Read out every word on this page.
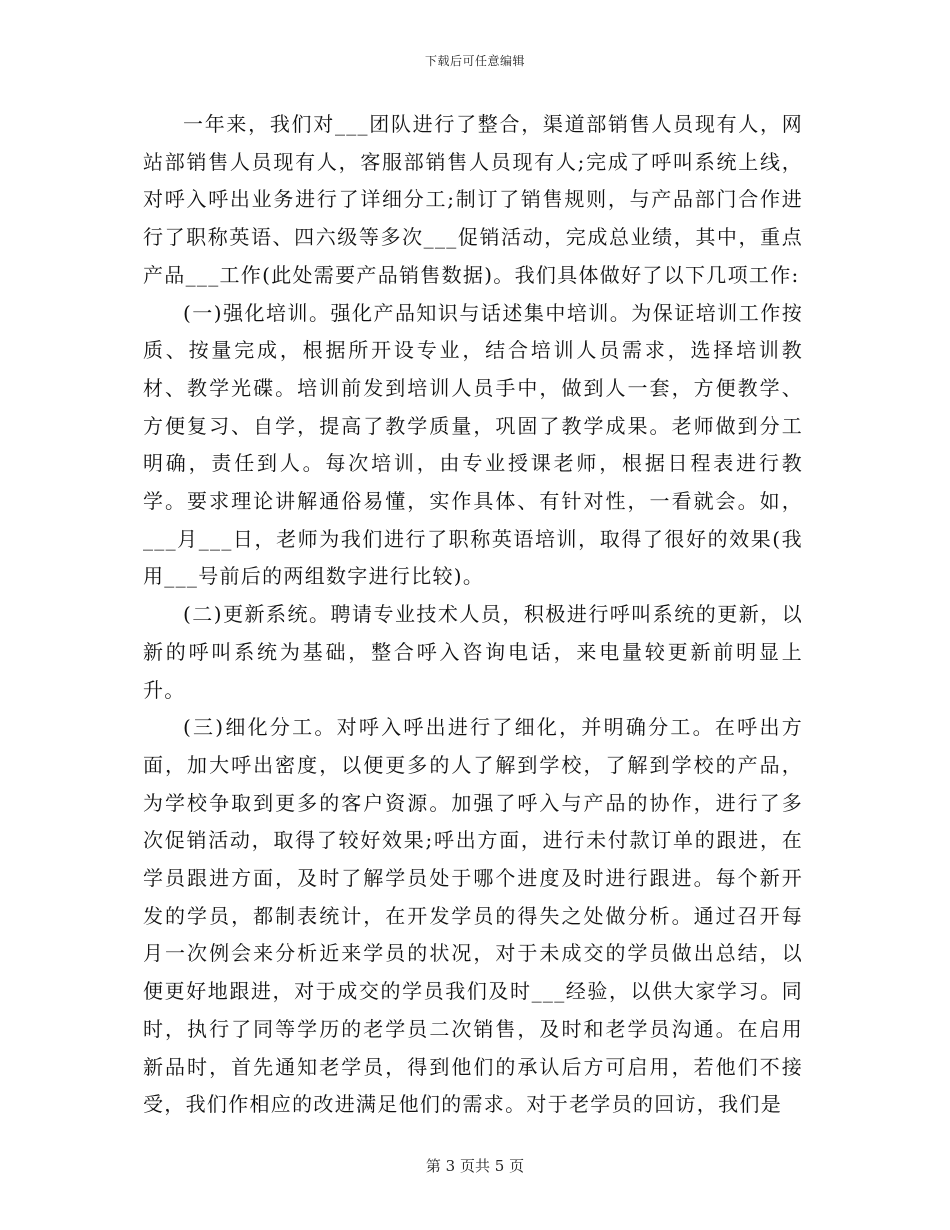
下载后可任意编辑

一年来，我们对___团队进行了整合，渠道部销售人员现有人，网站部销售人员现有人，客服部销售人员现有人;完成了呼叫系统上线，对呼入呼出业务进行了详细分工;制订了销售规则，与产品部门合作进行了职称英语、四六级等多次___促销活动，完成总业绩，其中，重点产品___工作(此处需要产品销售数据)。我们具体做好了以下几项工作:

(一)强化培训。强化产品知识与话述集中培训。为保证培训工作按质、按量完成，根据所开设专业，结合培训人员需求，选择培训教材、教学光碟。培训前发到培训人员手中，做到人一套，方便教学、方便复习、自学，提高了教学质量，巩固了教学成果。老师做到分工明确，责任到人。每次培训，由专业授课老师，根据日程表进行教学。要求理论讲解通俗易懂，实作具体、有针对性，一看就会。如，___月___日，老师为我们进行了职称英语培训，取得了很好的效果(我用___号前后的两组数字进行比较)。

(二)更新系统。聘请专业技术人员，积极进行呼叫系统的更新，以新的呼叫系统为基础，整合呼入咨询电话，来电量较更新前明显上升。

(三)细化分工。对呼入呼出进行了细化，并明确分工。在呼出方面，加大呼出密度，以便更多的人了解到学校，了解到学校的产品，为学校争取到更多的客户资源。加强了呼入与产品的协作，进行了多次促销活动，取得了较好效果;呼出方面，进行未付款订单的跟进，在学员跟进方面，及时了解学员处于哪个进度及时进行跟进。每个新开发的学员，都制表统计，在开发学员的得失之处做分析。通过召开每月一次例会来分析近来学员的状况，对于未成交的学员做出总结，以便更好地跟进，对于成交的学员我们及时___经验，以供大家学习。同时，执行了同等学历的老学员二次销售，及时和老学员沟通。在启用新品时，首先通知老学员，得到他们的承认后方可启用，若他们不接受，我们作相应的改进满足他们的需求。对于老学员的回访，我们是

第 3 页共 5 页
